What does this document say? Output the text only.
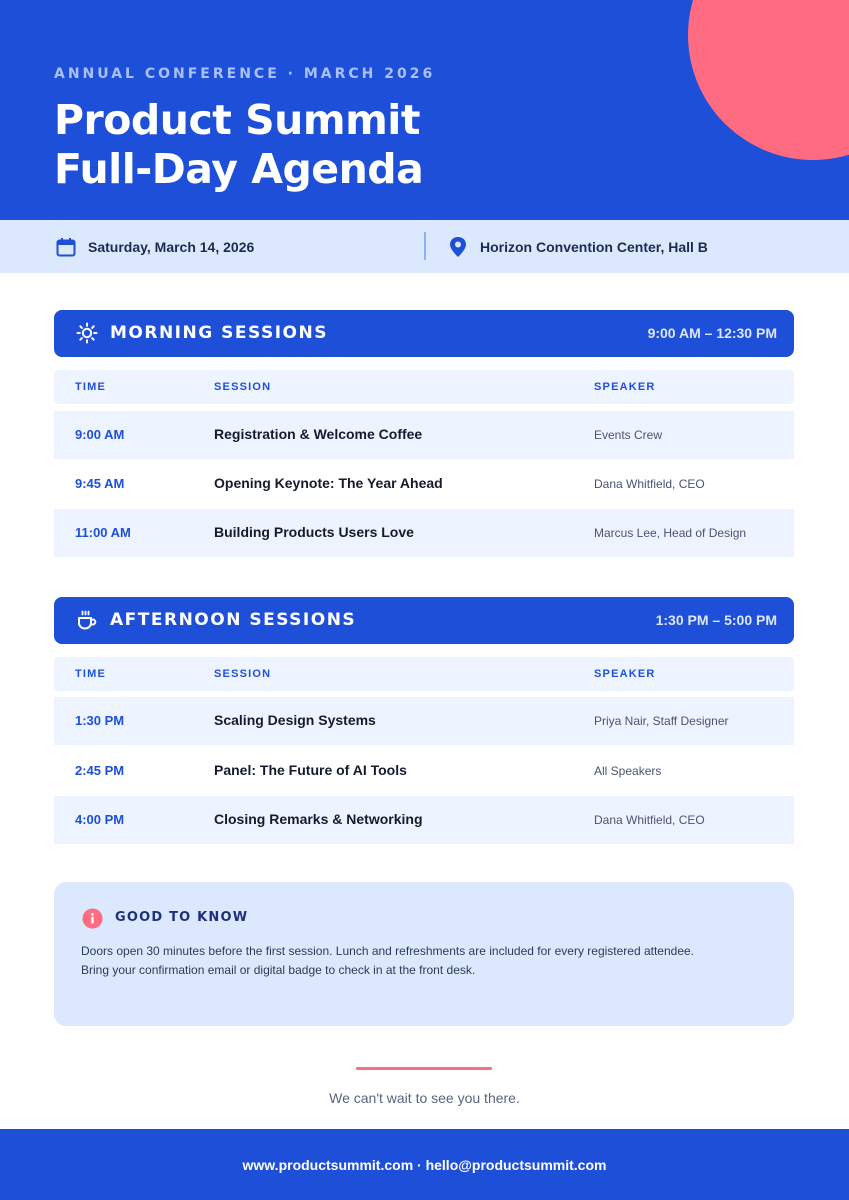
ANNUAL CONFERENCE · MARCH 2026
Product Summit
Full-Day Agenda
Saturday, March 14, 2026	Horizon Convention Center, Hall B
MORNING SESSIONS	9:00 AM – 12:30 PM
TIME	SESSION	SPEAKER
9:00 AM	Registration & Welcome Coffee	Events Crew
9:45 AM	Opening Keynote: The Year Ahead	Dana Whitfield, CEO
11:00 AM	Building Products Users Love	Marcus Lee, Head of Design
AFTERNOON SESSIONS	1:30 PM – 5:00 PM
TIME	SESSION	SPEAKER
1:30 PM	Scaling Design Systems	Priya Nair, Staff Designer
2:45 PM	Panel: The Future of AI Tools	All Speakers
4:00 PM	Closing Remarks & Networking	Dana Whitfield, CEO
GOOD TO KNOW
Doors open 30 minutes before the first session. Lunch and refreshments are included for every registered attendee.
Bring your confirmation email or digital badge to check in at the front desk.
We can't wait to see you there.
www.productsummit.com · hello@productsummit.com
